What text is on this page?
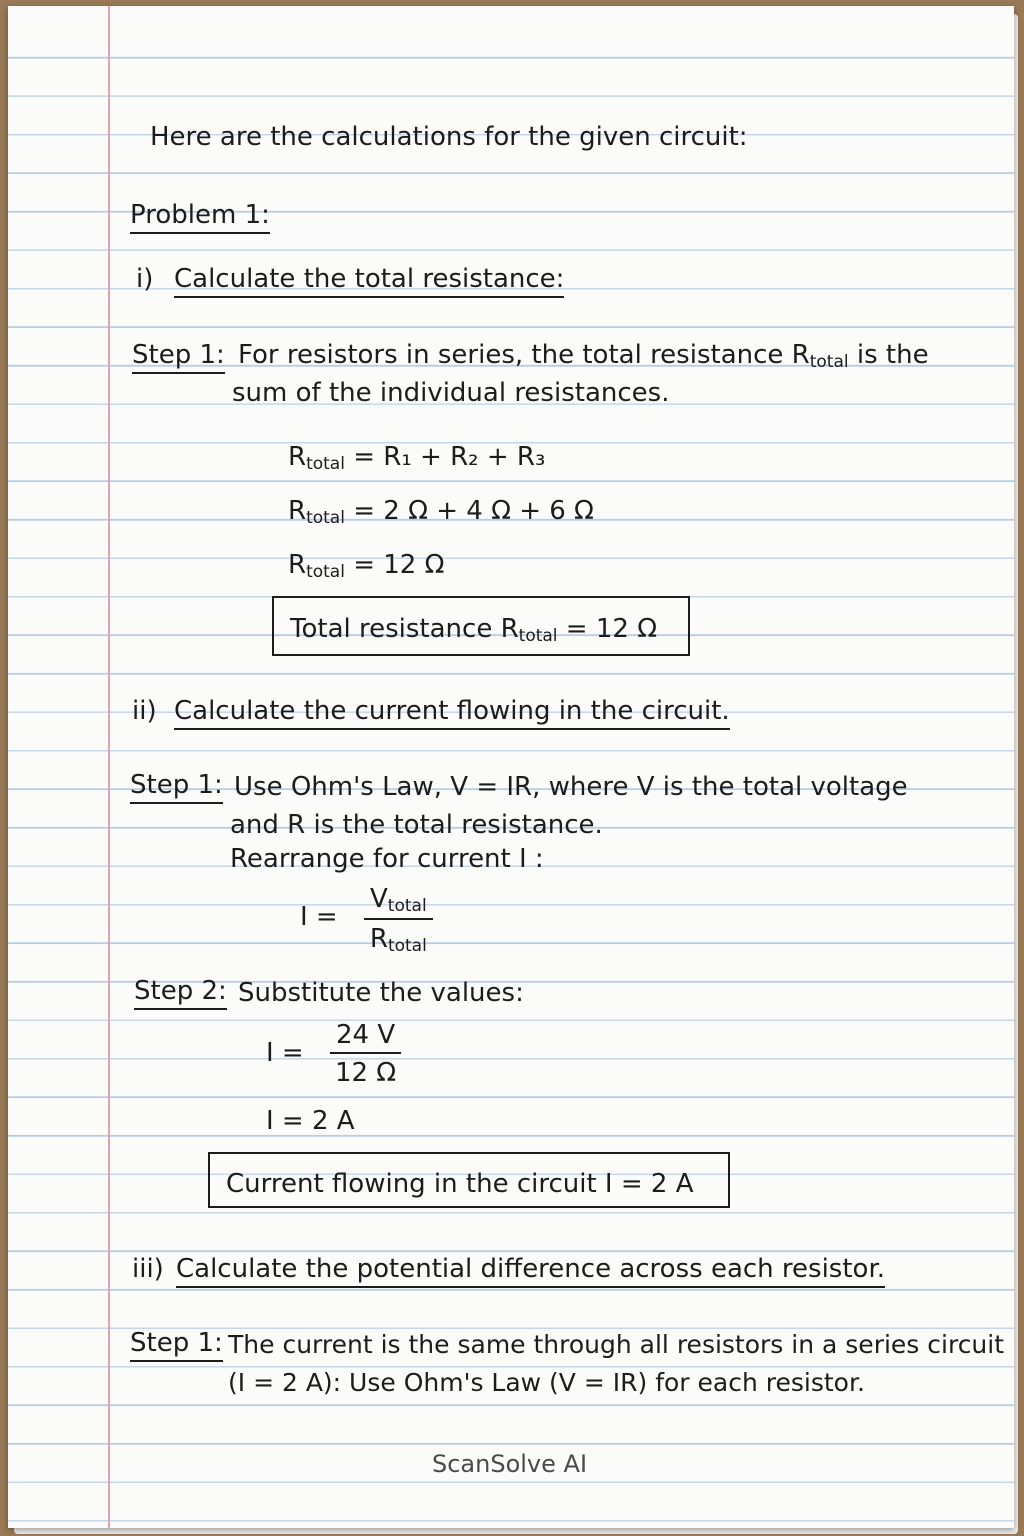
Here are the calculations for the given circuit:
Problem 1:
i) Calculate the total resistance:
Step 1: For resistors in series, the total resistance $R_{total}$ is the
sum of the individual resistances.
$R_{total} = R_1 + R_2 + R_3$
$R_{total} = 2$ Ω + 4 Ω + 6 Ω
$R_{total} = 12$ Ω
Total resistance $R_{total} = 12$ Ω
ii) Calculate the current flowing in the circuit.
Step 1: Use Ohm's Law, V = IR, where V is the total voltage
and R is the total resistance.
Rearrange for current I :
I =
$V_{total}$
$R_{total}$
Step 2: Substitute the values:
$I = \frac{24 V}{12 \Omega}$
I = 2 A
Current flowing in the circuit I = 2 A
iii) Calculate the potential difference across each resistor.
Step 1: The current is the same through all resistors in a series circuit
(I = 2 A): Use Ohm's Law (V = IR) for each resistor.
ScanSolve AI
